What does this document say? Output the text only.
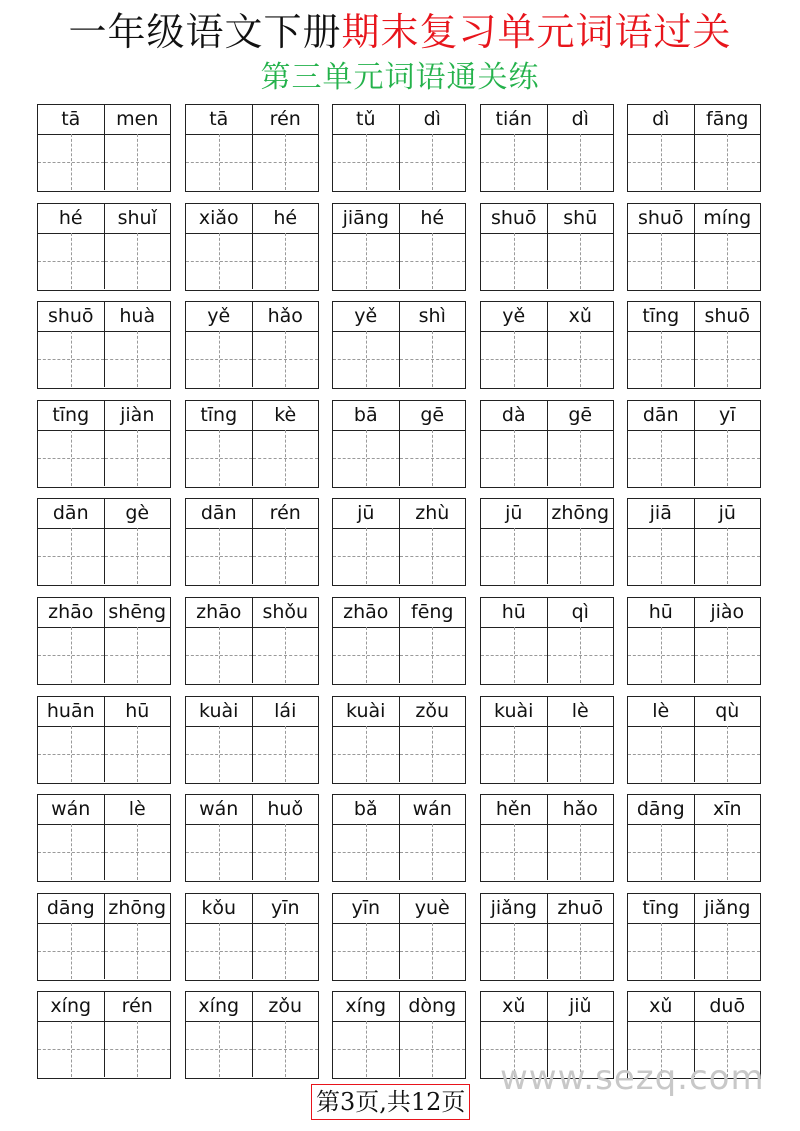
一年级语文下册期末复习单元词语过关
第三单元词语通关练
tā	men	tā	rén	tǔ	dì	tián	dì	dì	fāng
hé	shuǐ	xiǎo	hé	jiāng	hé	shuō	shū	shuō	míng
shuō	huà	yě	hǎo	yě	shì	yě	xǔ	tīng	shuō
tīng	jiàn	tīng	kè	bā	gē	dà	gē	dān	yī
dān	gè	dān	rén	jū	zhù	jū	zhōng	jiā	jū
zhāo shēng	zhāo	shǒu	zhāo	fēng	hū	qì	hū	jiào
huān	hū	kuài	lái	kuài	zǒu	kuài	lè	lè	qù
wán	lè	wán	huǒ	bǎ	wán	hěn	hǎo	dāng	xīn
dāng zhōng	kǒu	yīn	yīn	yuè	jiǎng	zhuō	tīng	jiǎng
xíng	rén	xíng	zǒu	xíng	dòng	xǔ	jiǔ	xǔ	duō
www.sezq.com
第3页,共12页
